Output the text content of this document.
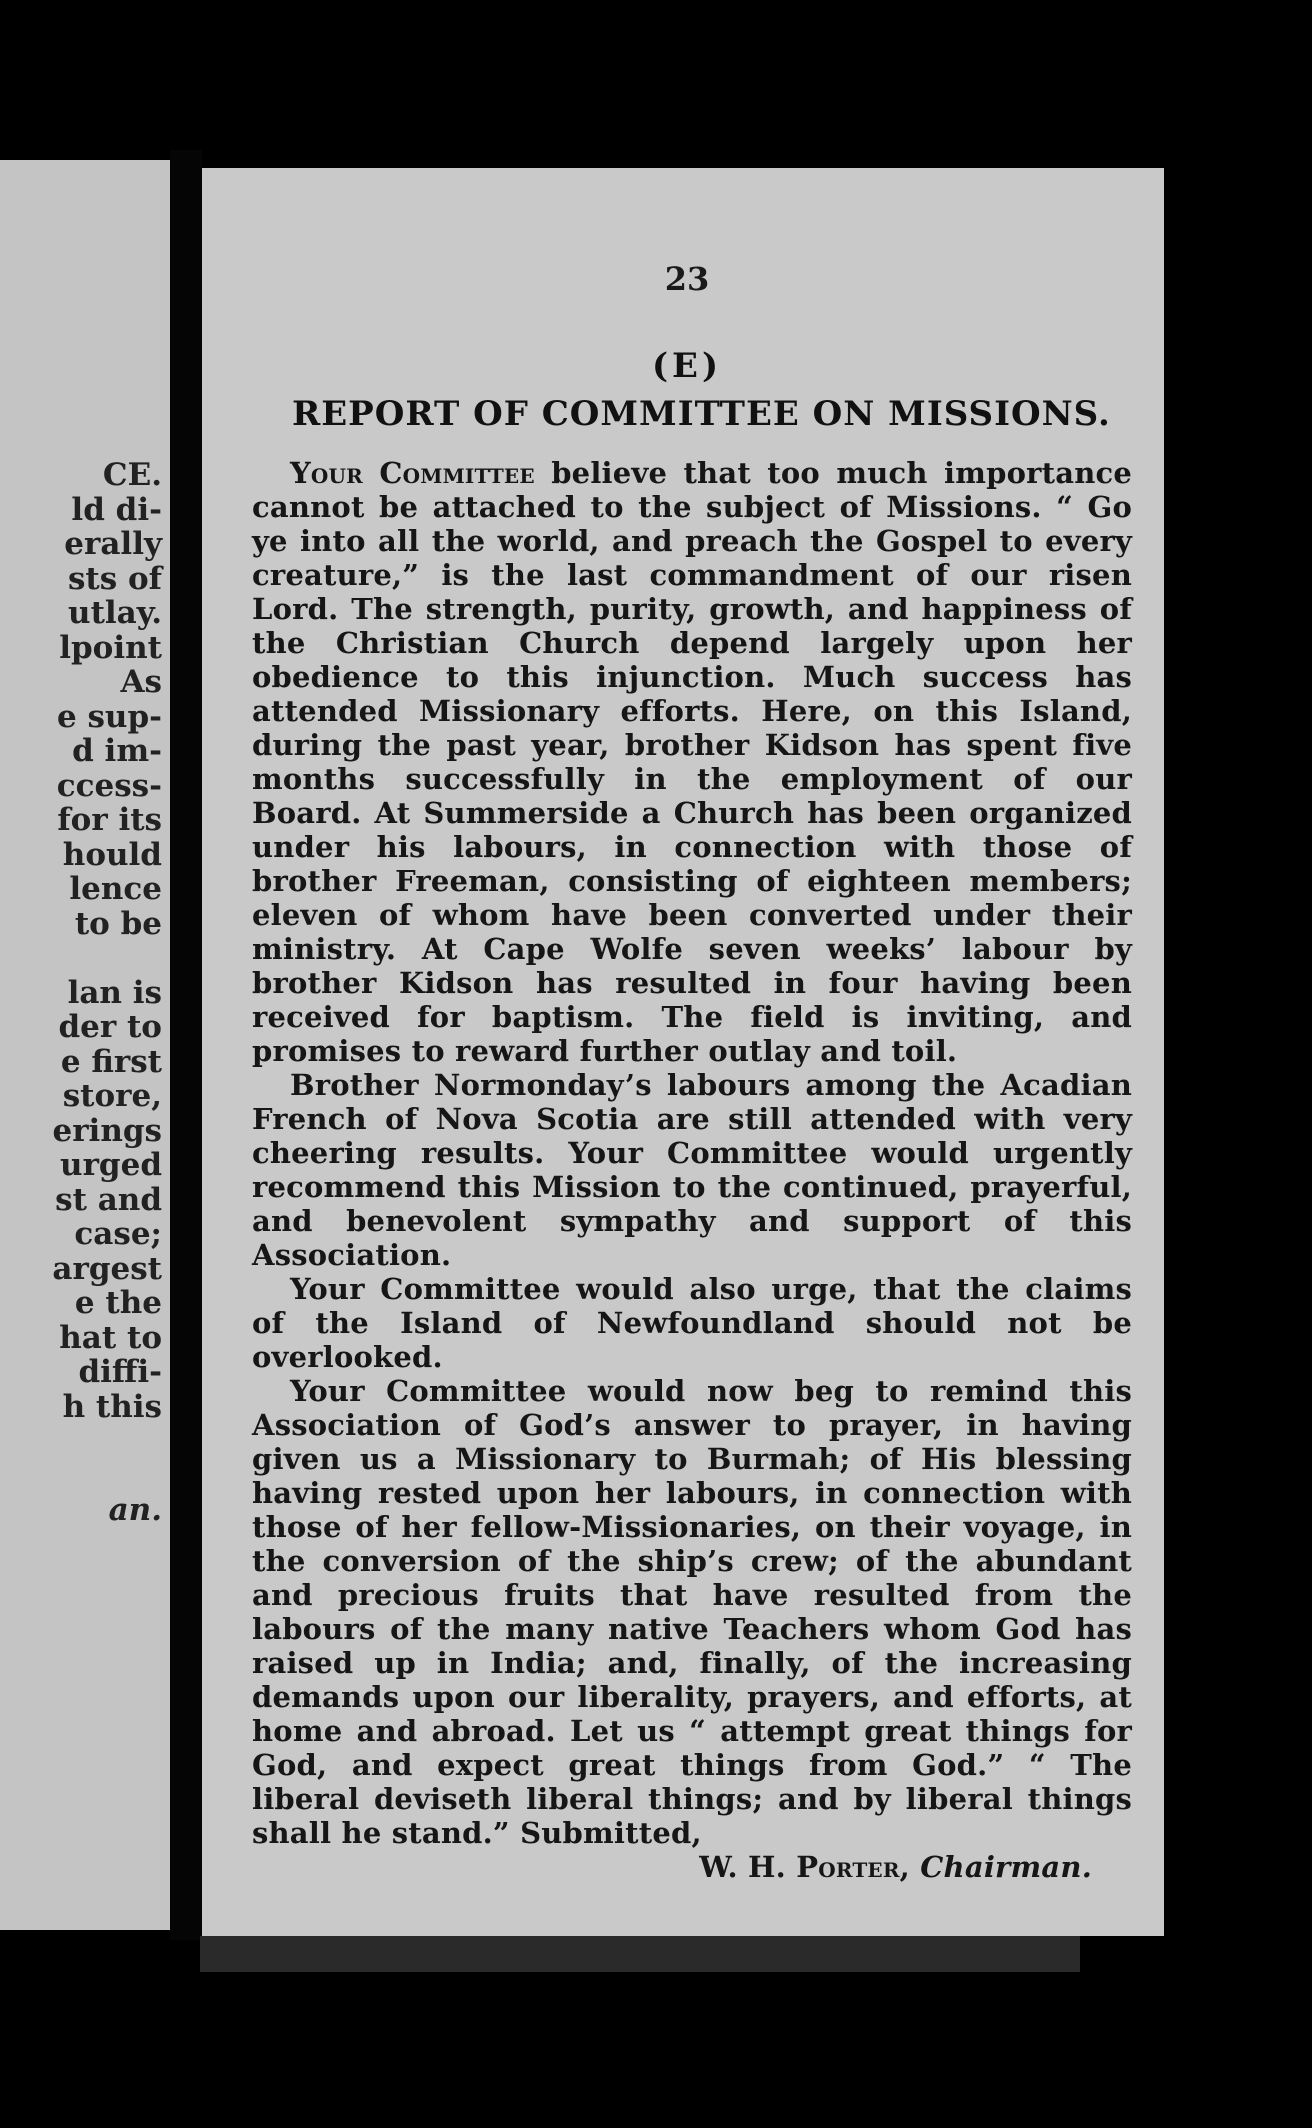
CE.
ld di-
erally
sts of
utlay.
lpoint
As
e sup-
d im-
ccess-
for its
hould
lence
to be
lan is
der to
e first
store,
erings
urged
st and
case;
argest
e the
hat to
diffi-
h this
an.
23
(E)
REPORT OF COMMITTEE ON MISSIONS.

Your Committee believe that too much importance cannot be attached to the subject of Missions. “ Go ye into all the world, and preach the Gospel to every creature,” is the last commandment of our risen Lord. The strength, purity, growth, and happiness of the Christian Church depend largely upon her obedience to this injunction. Much success has attended Missionary efforts. Here, on this Island, during the past year, brother Kidson has spent five months successfully in the employment of our Board. At Summerside a Church has been organized under his labours, in connection with those of brother Freeman, consisting of eighteen members; eleven of whom have been converted under their ministry. At Cape Wolfe seven weeks’ labour by brother Kidson has resulted in four having been received for baptism. The field is inviting, and promises to reward further outlay and toil.

Brother Normonday’s labours among the Acadian French of Nova Scotia are still attended with very cheering results. Your Committee would urgently recommend this Mission to the continued, prayerful, and benevolent sympathy and support of this Association.

Your Committee would also urge, that the claims of the Island of Newfoundland should not be overlooked.

Your Committee would now beg to remind this Association of God’s answer to prayer, in having given us a Missionary to Burmah; of His blessing having rested upon her labours, in connection with those of her fellow-Missionaries, on their voyage, in the conversion of the ship’s crew; of the abundant and precious fruits that have resulted from the labours of the many native Teachers whom God has raised up in India; and, finally, of the increasing demands upon our liberality, prayers, and efforts, at home and abroad. Let us “ attempt great things for God, and expect great things from God.” “ The liberal deviseth liberal things; and by liberal things shall he stand.” Submitted,

W. H. Porter, Chairman.
